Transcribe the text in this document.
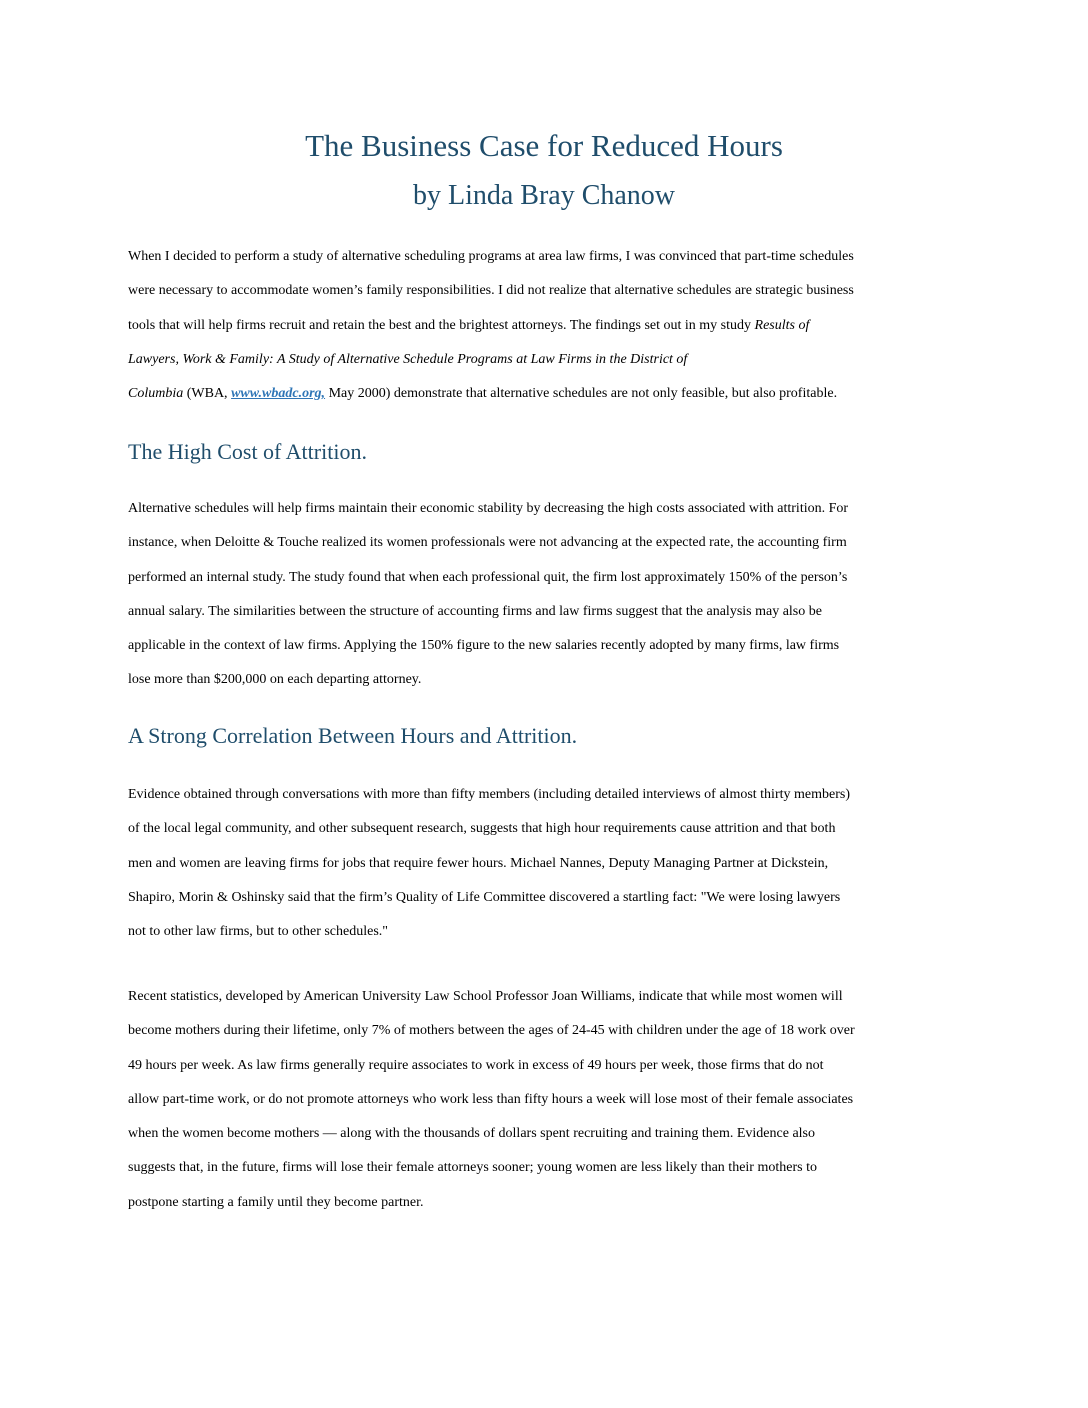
The Business Case for Reduced Hours
by Linda Bray Chanow
When I decided to perform a study of alternative scheduling programs at area law firms, I was convinced that part-time schedules
were necessary to accommodate women’s family responsibilities. I did not realize that alternative schedules are strategic business
tools that will help firms recruit and retain the best and the brightest attorneys. The findings set out in my study Results of
Lawyers, Work & Family: A Study of Alternative Schedule Programs at Law Firms in the District of
Columbia (WBA, www.wbadc.org, May 2000) demonstrate that alternative schedules are not only feasible, but also profitable.
The High Cost of Attrition.
Alternative schedules will help firms maintain their economic stability by decreasing the high costs associated with attrition. For
instance, when Deloitte & Touche realized its women professionals were not advancing at the expected rate, the accounting firm
performed an internal study. The study found that when each professional quit, the firm lost approximately 150% of the person’s
annual salary. The similarities between the structure of accounting firms and law firms suggest that the analysis may also be
applicable in the context of law firms. Applying the 150% figure to the new salaries recently adopted by many firms, law firms
lose more than $200,000 on each departing attorney.
A Strong Correlation Between Hours and Attrition.
Evidence obtained through conversations with more than fifty members (including detailed interviews of almost thirty members)
of the local legal community, and other subsequent research, suggests that high hour requirements cause attrition and that both
men and women are leaving firms for jobs that require fewer hours. Michael Nannes, Deputy Managing Partner at Dickstein,
Shapiro, Morin & Oshinsky said that the firm’s Quality of Life Committee discovered a startling fact: "We were losing lawyers
not to other law firms, but to other schedules."
Recent statistics, developed by American University Law School Professor Joan Williams, indicate that while most women will
become mothers during their lifetime, only 7% of mothers between the ages of 24-45 with children under the age of 18 work over
49 hours per week. As law firms generally require associates to work in excess of 49 hours per week, those firms that do not
allow part-time work, or do not promote attorneys who work less than fifty hours a week will lose most of their female associates
when the women become mothers — along with the thousands of dollars spent recruiting and training them. Evidence also
suggests that, in the future, firms will lose their female attorneys sooner; young women are less likely than their mothers to
postpone starting a family until they become partner.
